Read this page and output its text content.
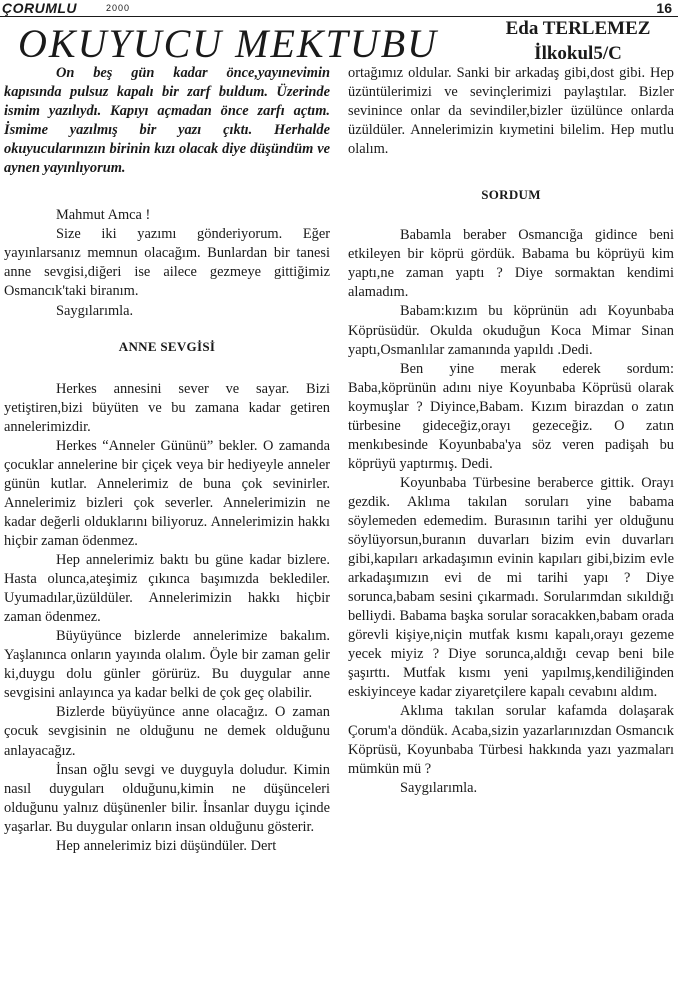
ÇORUMLU	2000	16
OKUYUCU MEKTUBU	Eda TERLEMEZ
İlkokul5/C

On beş gün kadar önce,yayınevimin kapısında pulsuz kapalı bir zarf buldum. Üzerinde ismim yazılıydı. Kapıyı açmadan önce zarfı açtım. İsmime yazılmış bir yazı çıktı. Herhalde okuyucularınızın birinin kızı olacak diye düşündüm ve aynen yayınlıyorum.

Mahmut Amca !

Size iki yazımı gönderiyorum. Eğer yayınlarsanız memnun olacağım. Bunlardan bir tanesi anne sevgisi,diğeri ise ailece gezmeye gittiğimiz Osmancık'taki biranım.

Saygılarımla.

ANNE SEVGİSİ

Herkes annesini sever ve sayar. Bizi yetiştiren,bizi büyüten ve bu zamana kadar getiren annelerimizdir.

Herkes “Anneler Gününü” bekler. O zamanda çocuklar annelerine bir çiçek veya bir hediyeyle anneler günün kutlar. Annelerimiz de buna çok sevinirler. Annelerimiz bizleri çok severler. Annelerimizin ne kadar değerli olduklarını biliyoruz. Annelerimizin hakkı hiçbir zaman ödenmez.

Hep annelerimiz baktı bu güne kadar bizlere. Hasta olunca,ateşimiz çıkınca başımızda beklediler. Uyumadılar,üzüldüler. Annelerimizin hakkı hiçbir zaman ödenmez.

Büyüyünce bizlerde annelerimize bakalım. Yaşlanınca onların yayında olalım. Öyle bir zaman gelir ki,duygu dolu günler görürüz. Bu duygular anne sevgisini anlayınca ya kadar belki de çok geç olabilir.

Bizlerde büyüyünce anne olacağız. O zaman çocuk sevgisinin ne olduğunu ne demek olduğunu anlayacağız.

İnsan oğlu sevgi ve duyguyla doludur. Kimin nasıl duyguları olduğunu,kimin ne düşünceleri olduğunu yalnız düşünenler bilir. İnsanlar duygu içinde yaşarlar. Bu duygular onların insan olduğunu gösterir.

Hep annelerimiz bizi düşündüler. Dert

ortağımız oldular. Sanki bir arkadaş gibi,dost gibi. Hep üzüntülerimizi ve sevinçlerimizi paylaştılar. Bizler sevinince onlar da sevindiler,bizler üzülünce onlarda üzüldüler. Annelerimizin kıymetini bilelim. Hep mutlu olalım.

SORDUM

Babamla beraber Osmancığa gidince beni etkileyen bir köprü gördük. Babama bu köprüyü kim yaptı,ne zaman yaptı ? Diye sormaktan kendimi alamadım.

Babam:kızım bu köprünün adı Koyunbaba Köprüsüdür. Okulda okuduğun Koca Mimar Sinan yaptı,Osmanlılar zamanında yapıldı .Dedi.

Ben yine merak ederek sordum: Baba,köprünün adını niye Koyunbaba Köprüsü olarak koymuşlar ? Diyince,Babam. Kızım birazdan o zatın türbesine gideceğiz,orayı gezeceğiz. O zatın menkıbesinde Koyunbaba'ya söz veren padişah bu köprüyü yaptırmış. Dedi.

Koyunbaba Türbesine beraberce gittik. Orayı gezdik. Aklıma takılan soruları yine babama söylemeden edemedim. Burasının tarihi yer olduğunu söylüyorsun,buranın duvarları bizim evin duvarları gibi,kapıları arkadaşımın evinin kapıları gibi,bizim evle arkadaşımızın evi de mi tarihi yapı ? Diye sorunca,babam sesini çıkarmadı. Sorularımdan sıkıldığı belliydi. Babama başka sorular soracakken,babam orada görevli kişiye,niçin mutfak kısmı kapalı,orayı gezeme yecek miyiz ? Diye sorunca,aldığı cevap beni bile şaşırttı. Mutfak kısmı yeni yapılmış,kendiliğinden eskiyinceye kadar ziyaretçilere kapalı cevabını aldım.

Aklıma takılan sorular kafamda dolaşarak Çorum'a döndük. Acaba,sizin yazarlarınızdan Osmancık Köprüsü, Koyunbaba Türbesi hakkında yazı yazmaları mümkün mü ?

Saygılarımla.
